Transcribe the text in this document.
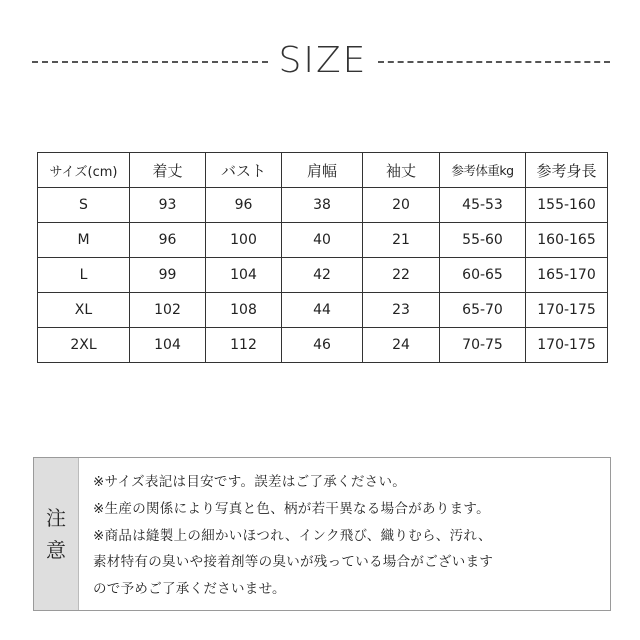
SIZE
サイズ(cm)	着丈	バスト	肩幅	袖丈	参考体重kg	参考身長
S	93	96	38	20	45-53	155-160
M	96	100	40	21	55-60	160-165
L	99	104	42	22	60-65	165-170
XL	102	108	44	23	65-70	170-175
2XL	104	112	46	24	70-75	170-175
注
意
※サイズ表記は目安です。誤差はご了承ください。
※生産の関係により写真と色、柄が若干異なる場合があります。
※商品は縫製上の細かいほつれ、インク飛び、織りむら、汚れ、
素材特有の臭いや接着剤等の臭いが残っている場合がございます
ので予めご了承くださいませ。
